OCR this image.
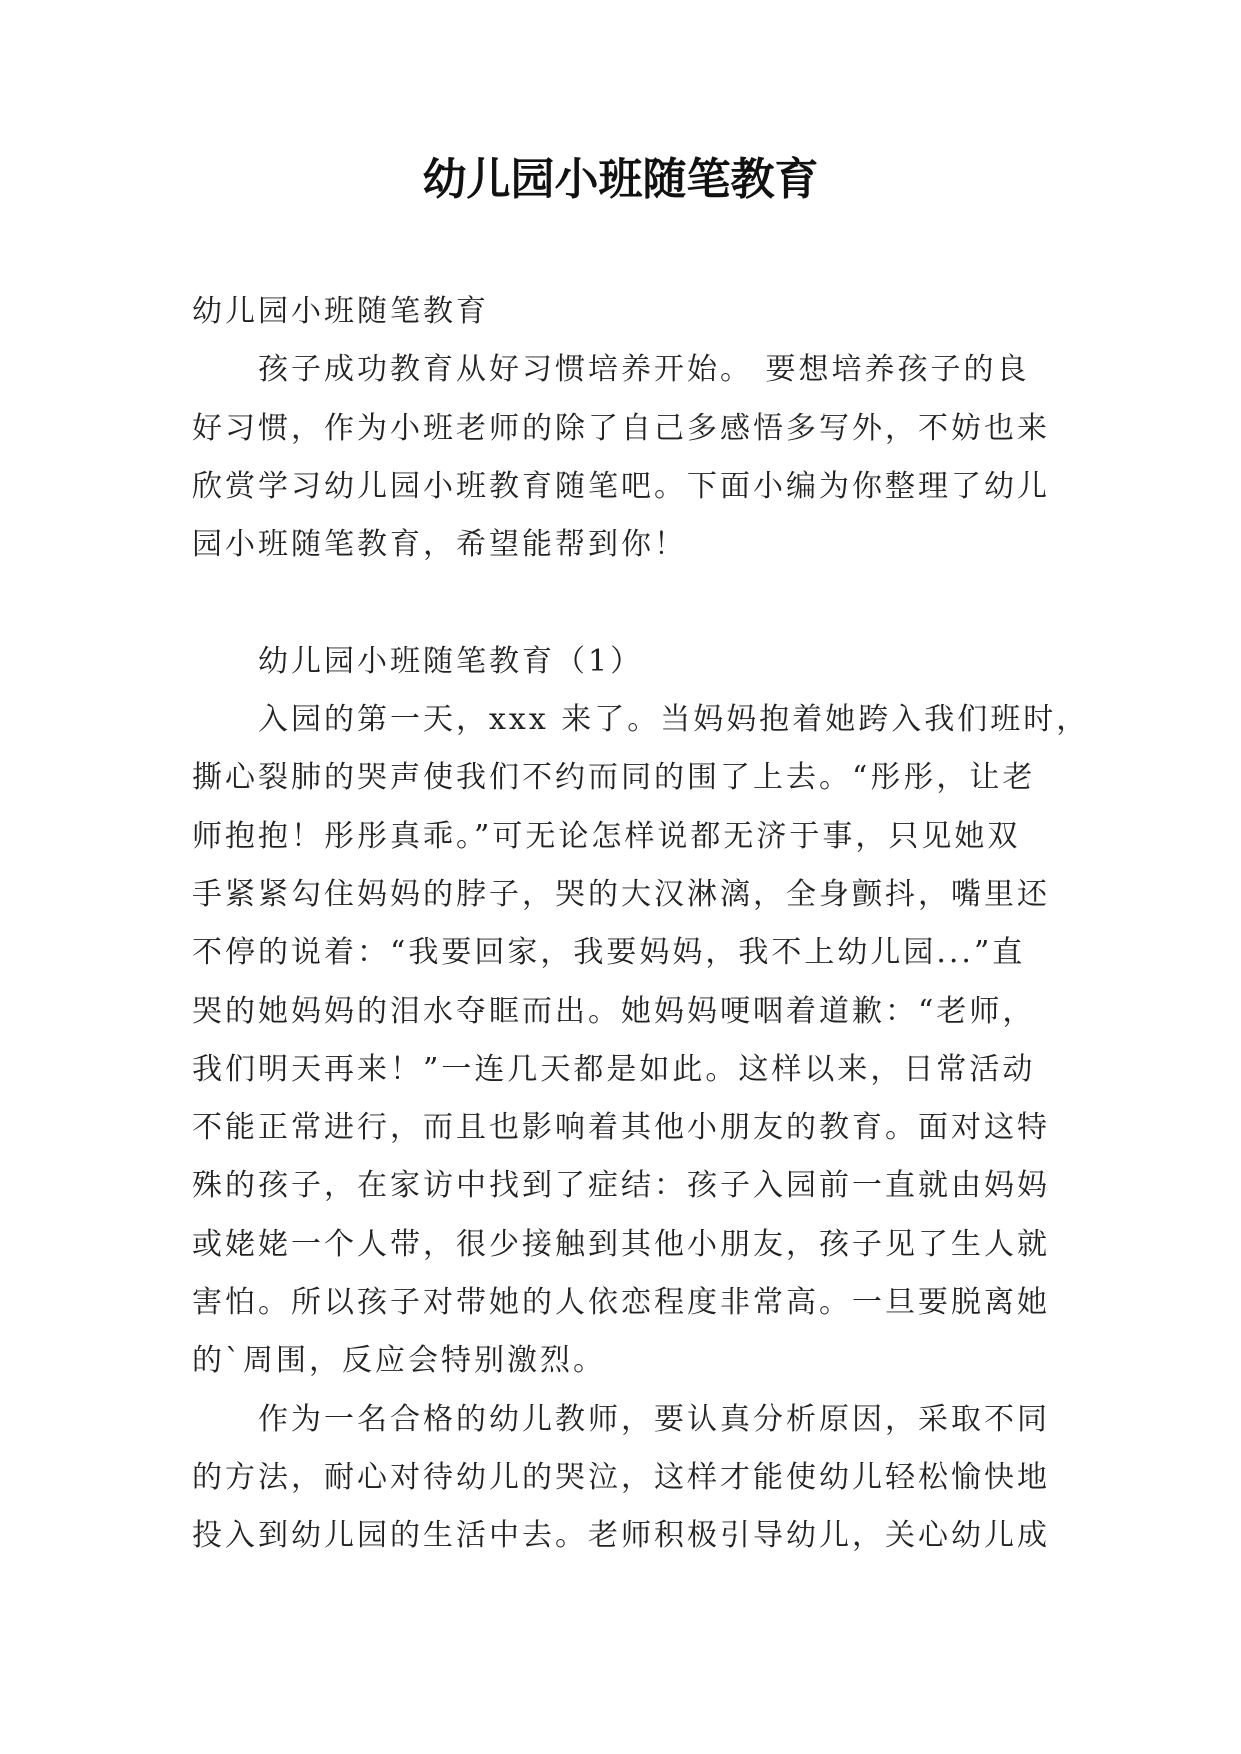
幼儿园小班随笔教育
幼儿园小班随笔教育
孩子成功教育从好习惯培养开始。 要想培养孩子的良
好习惯，作为小班老师的除了自己多感悟多写外，不妨也来
欣赏学习幼儿园小班教育随笔吧。下面小编为你整理了幼儿
园小班随笔教育，希望能帮到你！
幼儿园小班随笔教育（1）
入园的第一天，xxx 来了。当妈妈抱着她跨入我们班时，
撕心裂肺的哭声使我们不约而同的围了上去。“彤彤，让老
师抱抱！彤彤真乖。”可无论怎样说都无济于事，只见她双
手紧紧勾住妈妈的脖子，哭的大汉淋漓，全身颤抖，嘴里还
不停的说着：“我要回家，我要妈妈，我不上幼儿园...”直
哭的她妈妈的泪水夺眶而出。她妈妈哽咽着道歉：“老师，
我们明天再来！”一连几天都是如此。这样以来，日常活动
不能正常进行，而且也影响着其他小朋友的教育。面对这特
殊的孩子，在家访中找到了症结：孩子入园前一直就由妈妈
或姥姥一个人带，很少接触到其他小朋友，孩子见了生人就
害怕。所以孩子对带她的人依恋程度非常高。一旦要脱离她
的`周围，反应会特别激烈。
作为一名合格的幼儿教师，要认真分析原因，采取不同
的方法，耐心对待幼儿的哭泣，这样才能使幼儿轻松愉快地
投入到幼儿园的生活中去。老师积极引导幼儿，关心幼儿成
